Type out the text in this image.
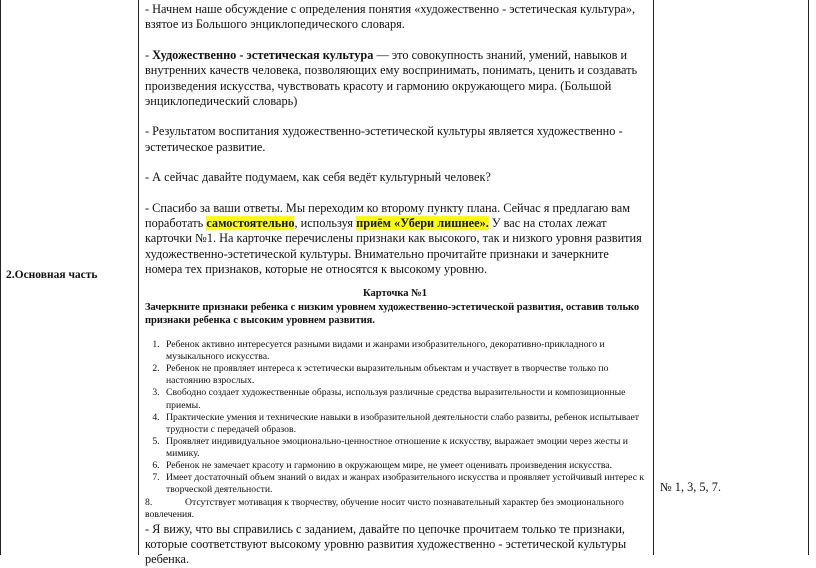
2.Основная часть

- Начнем наше обсуждение с определения понятия «художественно - эстетическая культура», взятое из Большого энциклопедического словаря.

- Художественно - эстетическая культура — это совокупность знаний, умений, навыков и внутренних качеств человека, позволяющих ему воспринимать, понимать, ценить и создавать произведения искусства, чувствовать красоту и гармонию окружающего мира. (Большой энциклопедический словарь)

- Результатом воспитания художественно-эстетической культуры является художественно - эстетическое развитие.

- А сейчас давайте подумаем, как себя ведёт культурный человек?

- Спасибо за ваши ответы. Мы переходим ко второму пункту плана. Сейчас я предлагаю вам поработать самостоятельно, используя приём «Убери лишнее». У вас на столах лежат карточки №1. На карточке перечислены признаки как высокого, так и низкого уровня развития художественно-эстетической культуры. Внимательно прочитайте признаки и зачеркните номера тех признаков, которые не относятся к высокому уровню.

Карточка №1
Зачеркните признаки ребенка с низким уровнем художественно-эстетической развития, оставив только признаки ребенка с высоким уровнем развития.
1. Ребенок активно интересуется разными видами и жанрами изобразительного, декоративно-прикладного и музыкального искусства.
2. Ребенок не проявляет интереса к эстетически выразительным объектам и участвует в творчестве только по настоянию взрослых.
3. Свободно создает художественные образы, используя различные средства выразительности и композиционные приемы.
4. Практические умения и технические навыки в изобразительной деятельности слабо развиты, ребенок испытывает трудности с передачей образов.
5. Проявляет индивидуальное эмоционально-ценностное отношение к искусству, выражает эмоции через жесты и мимику.
6. Ребенок не замечает красоту и гармонию в окружающем мире, не умеет оценивать произведения искусства.
7. Имеет достаточный объем знаний о видах и жанрах изобразительного искусства и проявляет устойчивый интерес к творческой деятельности.
8.	Отсутствует мотивация к творчеству, обучение носит чисто познавательный характер без эмоционального вовлечения.

- Я вижу, что вы справились с заданием, давайте по цепочке прочитаем только те признаки, которые соответствуют высокому уровню развития художественно - эстетической культуры ребенка.

№ 1, 3, 5, 7.
